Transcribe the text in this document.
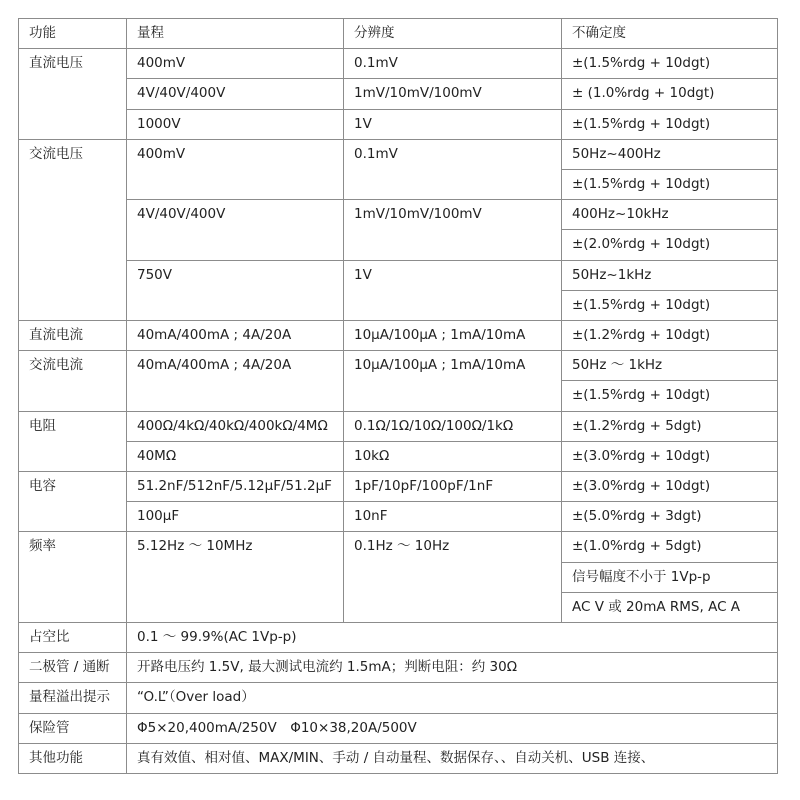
功能	量程	分辨度	不确定度
直流电压	400mV	0.1mV	±(1.5%rdg + 10dgt)
	4V/40V/400V	1mV/10mV/100mV	± (1.0%rdg + 10dgt)
	1000V	1V	±(1.5%rdg + 10dgt)
交流电压	400mV	0.1mV	50Hz~400Hz
			±(1.5%rdg + 10dgt)
	4V/40V/400V	1mV/10mV/100mV	400Hz~10kHz
			±(2.0%rdg + 10dgt)
	750V	1V	50Hz~1kHz
			±(1.5%rdg + 10dgt)
直流电流	40mA/400mA ; 4A/20A	10μA/100μA ; 1mA/10mA	±(1.2%rdg + 10dgt)
交流电流	40mA/400mA ; 4A/20A	10μA/100μA ; 1mA/10mA	50Hz ～ 1kHz
			±(1.5%rdg + 10dgt)
电阻	400Ω/4kΩ/40kΩ/400kΩ/4MΩ	0.1Ω/1Ω/10Ω/100Ω/1kΩ	±(1.2%rdg + 5dgt)
	40MΩ	10kΩ	±(3.0%rdg + 10dgt)
电容	51.2nF/512nF/5.12μF/51.2μF	1pF/10pF/100pF/1nF	±(3.0%rdg + 10dgt)
	100μF	10nF	±(5.0%rdg + 3dgt)
频率	5.12Hz ～ 10MHz	0.1Hz ～ 10Hz	±(1.0%rdg + 5dgt)
			信号幅度不小于 1Vp-p
			AC V 或 20mA RMS, AC A
占空比	0.1 ～ 99.9%(AC 1Vp-p)		
二极管 / 通断	开路电压约 1.5V, 最大测试电流约 1.5mA；判断电阻：约 30Ω		
量程溢出提示	“O.L”（Over load）		
保险管	Φ5×20,400mA/250V　Φ10×38,20A/500V		
其他功能	真有效值、相对值、MAX/MIN、手动 / 自动量程、数据保存、、自动关机、USB 连接、		
